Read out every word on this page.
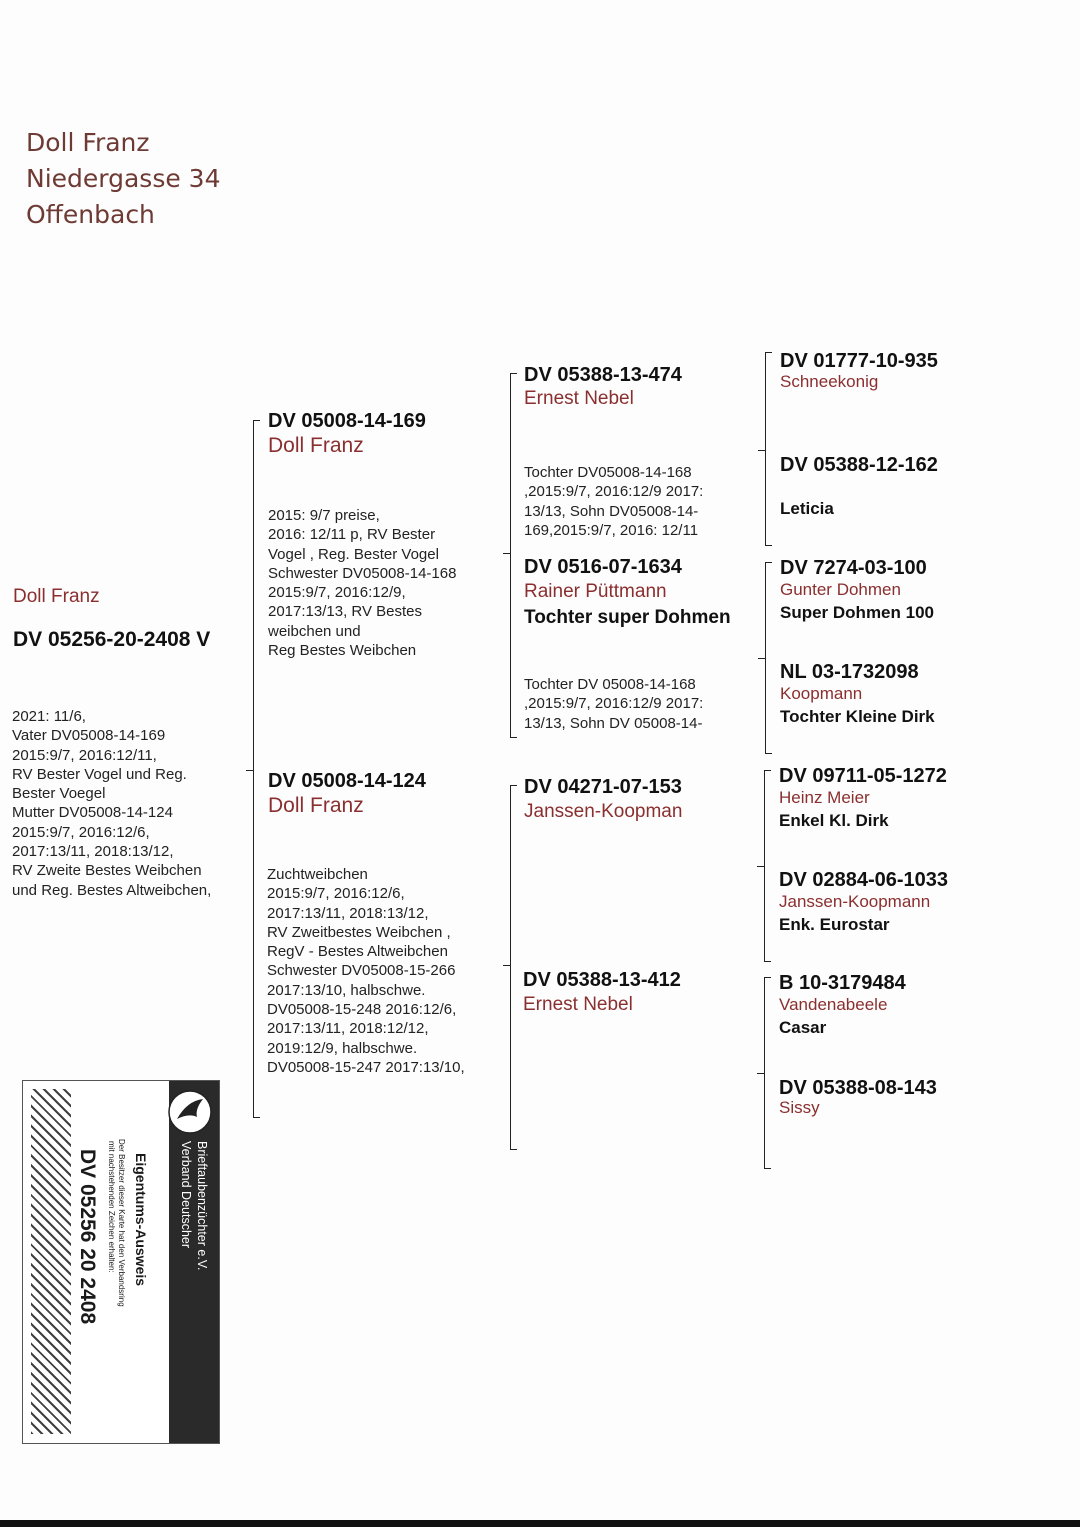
Doll Franz
Niedergasse 34
Offenbach
Doll Franz
DV 05256-20-2408 V
2021: 11/6,
Vater DV05008-14-169
2015:9/7, 2016:12/11,
RV Bester Vogel und Reg.
Bester Voegel
Mutter DV05008-14-124
2015:9/7, 2016:12/6,
2017:13/11, 2018:13/12,
RV Zweite Bestes Weibchen
und Reg. Bestes Altweibchen,
DV 05008-14-169
Doll Franz
2015: 9/7 preise,
2016: 12/11 p, RV Bester
Vogel , Reg. Bester Vogel
Schwester DV05008-14-168
2015:9/7, 2016:12/9,
2017:13/13, RV Bestes
weibchen und
Reg Bestes Weibchen
DV 05008-14-124
Doll Franz
Zuchtweibchen
2015:9/7, 2016:12/6,
2017:13/11, 2018:13/12,
RV Zweitbestes Weibchen ,
RegV - Bestes Altweibchen
Schwester DV05008-15-266
2017:13/10, halbschwe.
DV05008-15-248 2016:12/6,
2017:13/11, 2018:12/12,
2019:12/9, halbschwe.
DV05008-15-247 2017:13/10,
DV 05388-13-474
Ernest Nebel
Tochter DV05008-14-168
,2015:9/7, 2016:12/9 2017:
13/13, Sohn DV05008-14-
169,2015:9/7, 2016: 12/11
DV 0516-07-1634
Rainer Püttmann
Tochter super Dohmen
Tochter DV 05008-14-168
,2015:9/7, 2016:12/9 2017:
13/13, Sohn DV 05008-14-
DV 04271-07-153
Janssen-Koopman
DV 05388-13-412
Ernest Nebel
DV 01777-10-935
Schneekonig
DV 05388-12-162
Leticia
DV 7274-03-100
Gunter Dohmen
Super Dohmen 100
NL 03-1732098
Koopmann
Tochter Kleine Dirk
DV 09711-05-1272
Heinz Meier
Enkel Kl. Dirk
DV 02884-06-1033
Janssen-Koopmann
Enk. Eurostar
B 10-3179484
Vandenabeele
Casar
DV 05388-08-143
Sissy
Verband Deutscher Brieftaubenzüchter e.V.
Eigentums-Ausweis
Der Besitzer dieser Karte hat den Verbandsring
mit nachstehenden Zeichen erhalten:
DV 05256 20 2408
